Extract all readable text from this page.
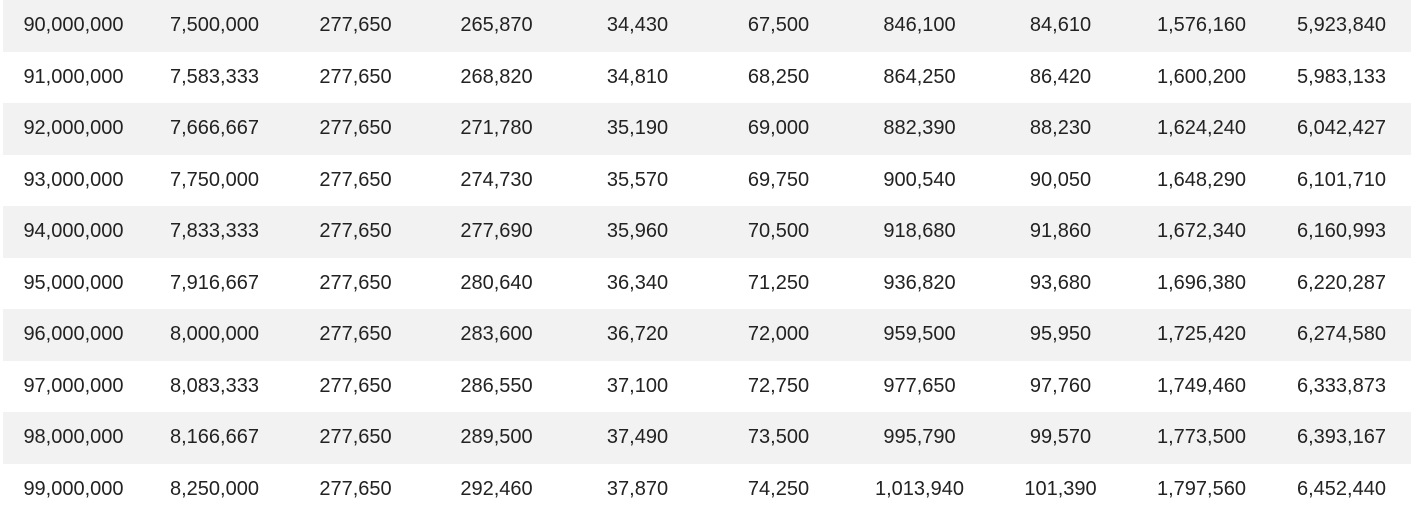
90,000,000	7,500,000	277,650	265,870	34,430	67,500	846,100	84,610	1,576,160	5,923,840
91,000,000	7,583,333	277,650	268,820	34,810	68,250	864,250	86,420	1,600,200	5,983,133
92,000,000	7,666,667	277,650	271,780	35,190	69,000	882,390	88,230	1,624,240	6,042,427
93,000,000	7,750,000	277,650	274,730	35,570	69,750	900,540	90,050	1,648,290	6,101,710
94,000,000	7,833,333	277,650	277,690	35,960	70,500	918,680	91,860	1,672,340	6,160,993
95,000,000	7,916,667	277,650	280,640	36,340	71,250	936,820	93,680	1,696,380	6,220,287
96,000,000	8,000,000	277,650	283,600	36,720	72,000	959,500	95,950	1,725,420	6,274,580
97,000,000	8,083,333	277,650	286,550	37,100	72,750	977,650	97,760	1,749,460	6,333,873
98,000,000	8,166,667	277,650	289,500	37,490	73,500	995,790	99,570	1,773,500	6,393,167
99,000,000	8,250,000	277,650	292,460	37,870	74,250	1,013,940	101,390	1,797,560	6,452,440
